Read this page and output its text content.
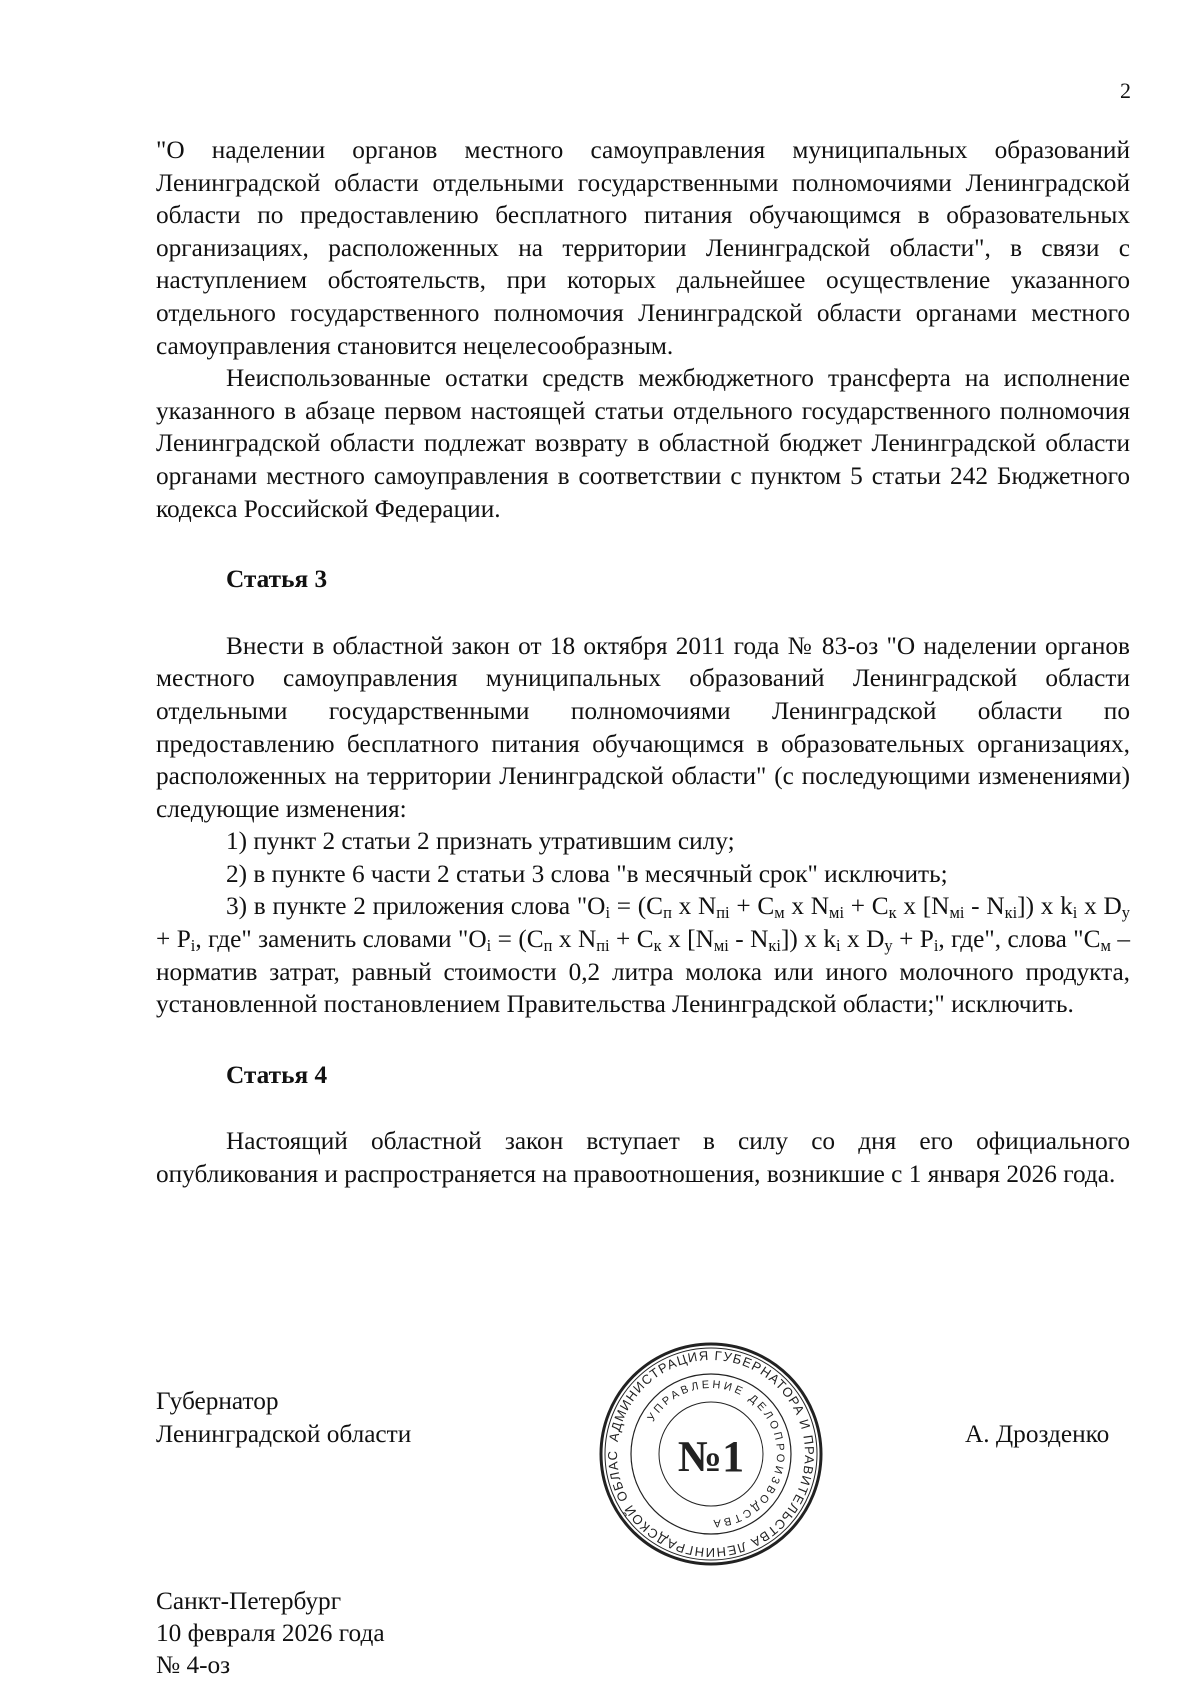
2

"О наделении органов местного самоуправления муниципальных образований Ленинградской области отдельными государственными полномочиями Ленинградской области по предоставлению бесплатного питания обучающимся в образовательных организациях, расположенных на территории Ленинградской области", в связи с наступлением обстоятельств, при которых дальнейшее осуществление указанного отдельного государственного полномочия Ленинградской области органами местного самоуправления становится нецелесообразным.

Неиспользованные остатки средств межбюджетного трансферта на исполнение указанного в абзаце первом настоящей статьи отдельного государственного полномочия Ленинградской области подлежат возврату в областной бюджет Ленинградской области органами местного самоуправления в соответствии с пунктом 5 статьи 242 Бюджетного кодекса Российской Федерации.

Статья 3

Внести в областной закон от 18 октября 2011 года № 83-оз "О наделении органов местного самоуправления муниципальных образований Ленинградской области отдельными государственными полномочиями Ленинградской области по предоставлению бесплатного питания обучающимся в образовательных организациях, расположенных на территории Ленинградской области" (с последующими изменениями) следующие изменения:

1) пункт 2 статьи 2 признать утратившим силу;

2) в пункте 6 части 2 статьи 3 слова "в месячный срок" исключить;

3) в пункте 2 приложения слова "$O_i = (C_п$ x $N_{пi} + C_м$ x $N_{мi} + C_к$ x $[N_{мi} - N_{кi}]$) x $k_i$ x $D_у + P_i$, где" заменить словами "$O_i = (C_п$ x $N_{пi} + C_к$ x $[N_{мi} - N_{кi}]$) x $k_i$ x $D_у + P_i$, где", слова "$C_м$ – норматив затрат, равный стоимости 0,2 литра молока или иного молочного продукта, установленной постановлением Правительства Ленинградской области;" исключить.

Статья 4

Настоящий областной закон вступает в силу со дня его официального опубликования и распространяется на правоотношения, возникшие с 1 января 2026 года.

Губернатор
Ленинградской области	А. Дрозденко
АДМИНИСТРАЦИЯ ГУБЕРНАТОРА И ПРАВИТЕЛЬСТВА ЛЕНИНГРАДСКОЙ ОБЛАС
УПРАВЛЕНИЕ ДЕЛОПРОИЗВОДСТВА
№1
Санкт-Петербург
10 февраля 2026 года
№ 4-оз
